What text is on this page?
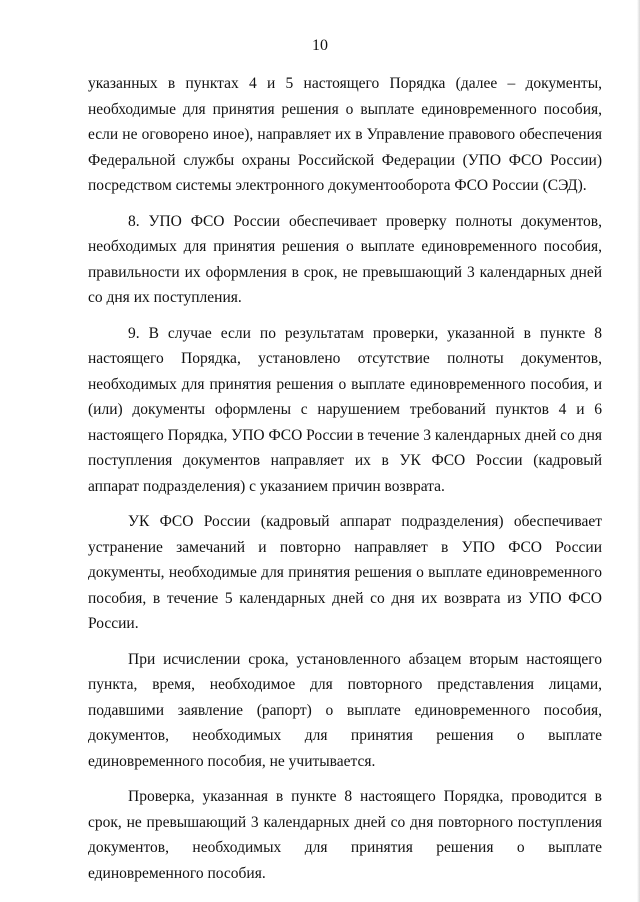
10

указанных в пунктах 4 и 5 настоящего Порядка (далее – документы, необходимые для принятия решения о выплате единовременного пособия, если не оговорено иное), направляет их в Управление правового обеспечения Федеральной службы охраны Российской Федерации (УПО ФСО России) посредством системы электронного документооборота ФСО России (СЭД).

8. УПО ФСО России обеспечивает проверку полноты документов, необходимых для принятия решения о выплате единовременного пособия, правильности их оформления в срок, не превышающий 3 календарных дней со дня их поступления.

9. В случае если по результатам проверки, указанной в пункте 8 настоящего Порядка, установлено отсутствие полноты документов, необходимых для принятия решения о выплате единовременного пособия, и (или) документы оформлены с нарушением требований пунктов 4 и 6 настоящего Порядка, УПО ФСО России в течение 3 календарных дней со дня поступления документов направляет их в УК ФСО России (кадровый аппарат подразделения) с указанием причин возврата.

УК ФСО России (кадровый аппарат подразделения) обеспечивает устранение замечаний и повторно направляет в УПО ФСО России документы, необходимые для принятия решения о выплате единовременного пособия, в течение 5 календарных дней со дня их возврата из УПО ФСО России.

При исчислении срока, установленного абзацем вторым настоящего пункта, время, необходимое для повторного представления лицами, подавшими заявление (рапорт) о выплате единовременного пособия, документов, необходимых для принятия решения о выплате единовременного пособия, не учитывается.

Проверка, указанная в пункте 8 настоящего Порядка, проводится в срок, не превышающий 3 календарных дней со дня повторного поступления документов, необходимых для принятия решения о выплате единовременного пособия.
